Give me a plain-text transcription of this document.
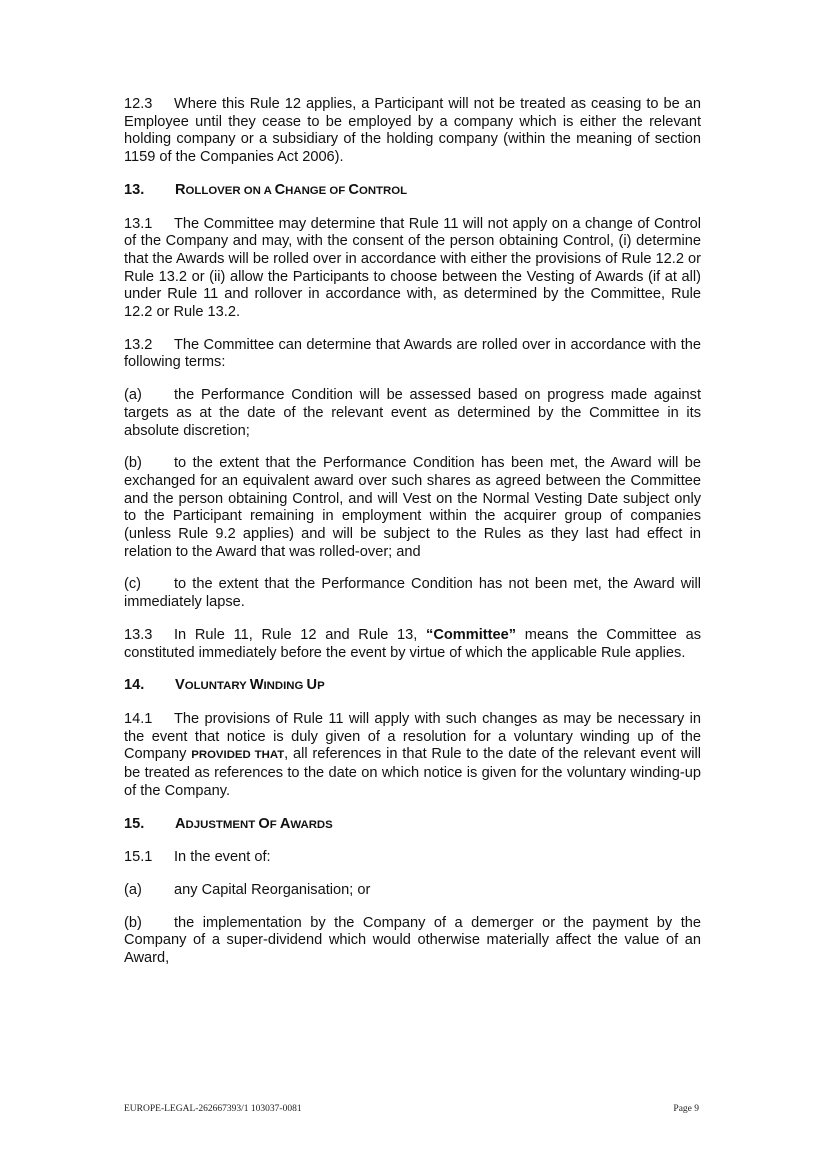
12.3 Where this Rule 12 applies, a Participant will not be treated as ceasing to be an Employee until they cease to be employed by a company which is either the relevant holding company or a subsidiary of the holding company (within the meaning of section 1159 of the Companies Act 2006).

13. ROLLOVER ON A CHANGE OF CONTROL

13.1 The Committee may determine that Rule 11 will not apply on a change of Control of the Company and may, with the consent of the person obtaining Control, (i) determine that the Awards will be rolled over in accordance with either the provisions of Rule 12.2 or Rule 13.2 or (ii) allow the Participants to choose between the Vesting of Awards (if at all) under Rule 11 and rollover in accordance with, as determined by the Committee, Rule 12.2 or Rule 13.2.

13.2 The Committee can determine that Awards are rolled over in accordance with the following terms:

(a) the Performance Condition will be assessed based on progress made against targets as at the date of the relevant event as determined by the Committee in its absolute discretion;

(b) to the extent that the Performance Condition has been met, the Award will be exchanged for an equivalent award over such shares as agreed between the Committee and the person obtaining Control, and will Vest on the Normal Vesting Date subject only to the Participant remaining in employment within the acquirer group of companies (unless Rule 9.2 applies) and will be subject to the Rules as they last had effect in relation to the Award that was rolled-over; and

(c) to the extent that the Performance Condition has not been met, the Award will immediately lapse.

13.3 In Rule 11, Rule 12 and Rule 13, “Committee” means the Committee as constituted immediately before the event by virtue of which the applicable Rule applies.

14. VOLUNTARY WINDING UP

14.1 The provisions of Rule 11 will apply with such changes as may be necessary in the event that notice is duly given of a resolution for a voluntary winding up of the Company PROVIDED THAT, all references in that Rule to the date of the relevant event will be treated as references to the date on which notice is given for the voluntary winding-up of the Company.

15. ADJUSTMENT OF AWARDS

15.1 In the event of:

(a) any Capital Reorganisation; or

(b) the implementation by the Company of a demerger or the payment by the Company of a super-dividend which would otherwise materially affect the value of an Award,

EUROPE-LEGAL-262667393/1 103037-0081	Page 9
